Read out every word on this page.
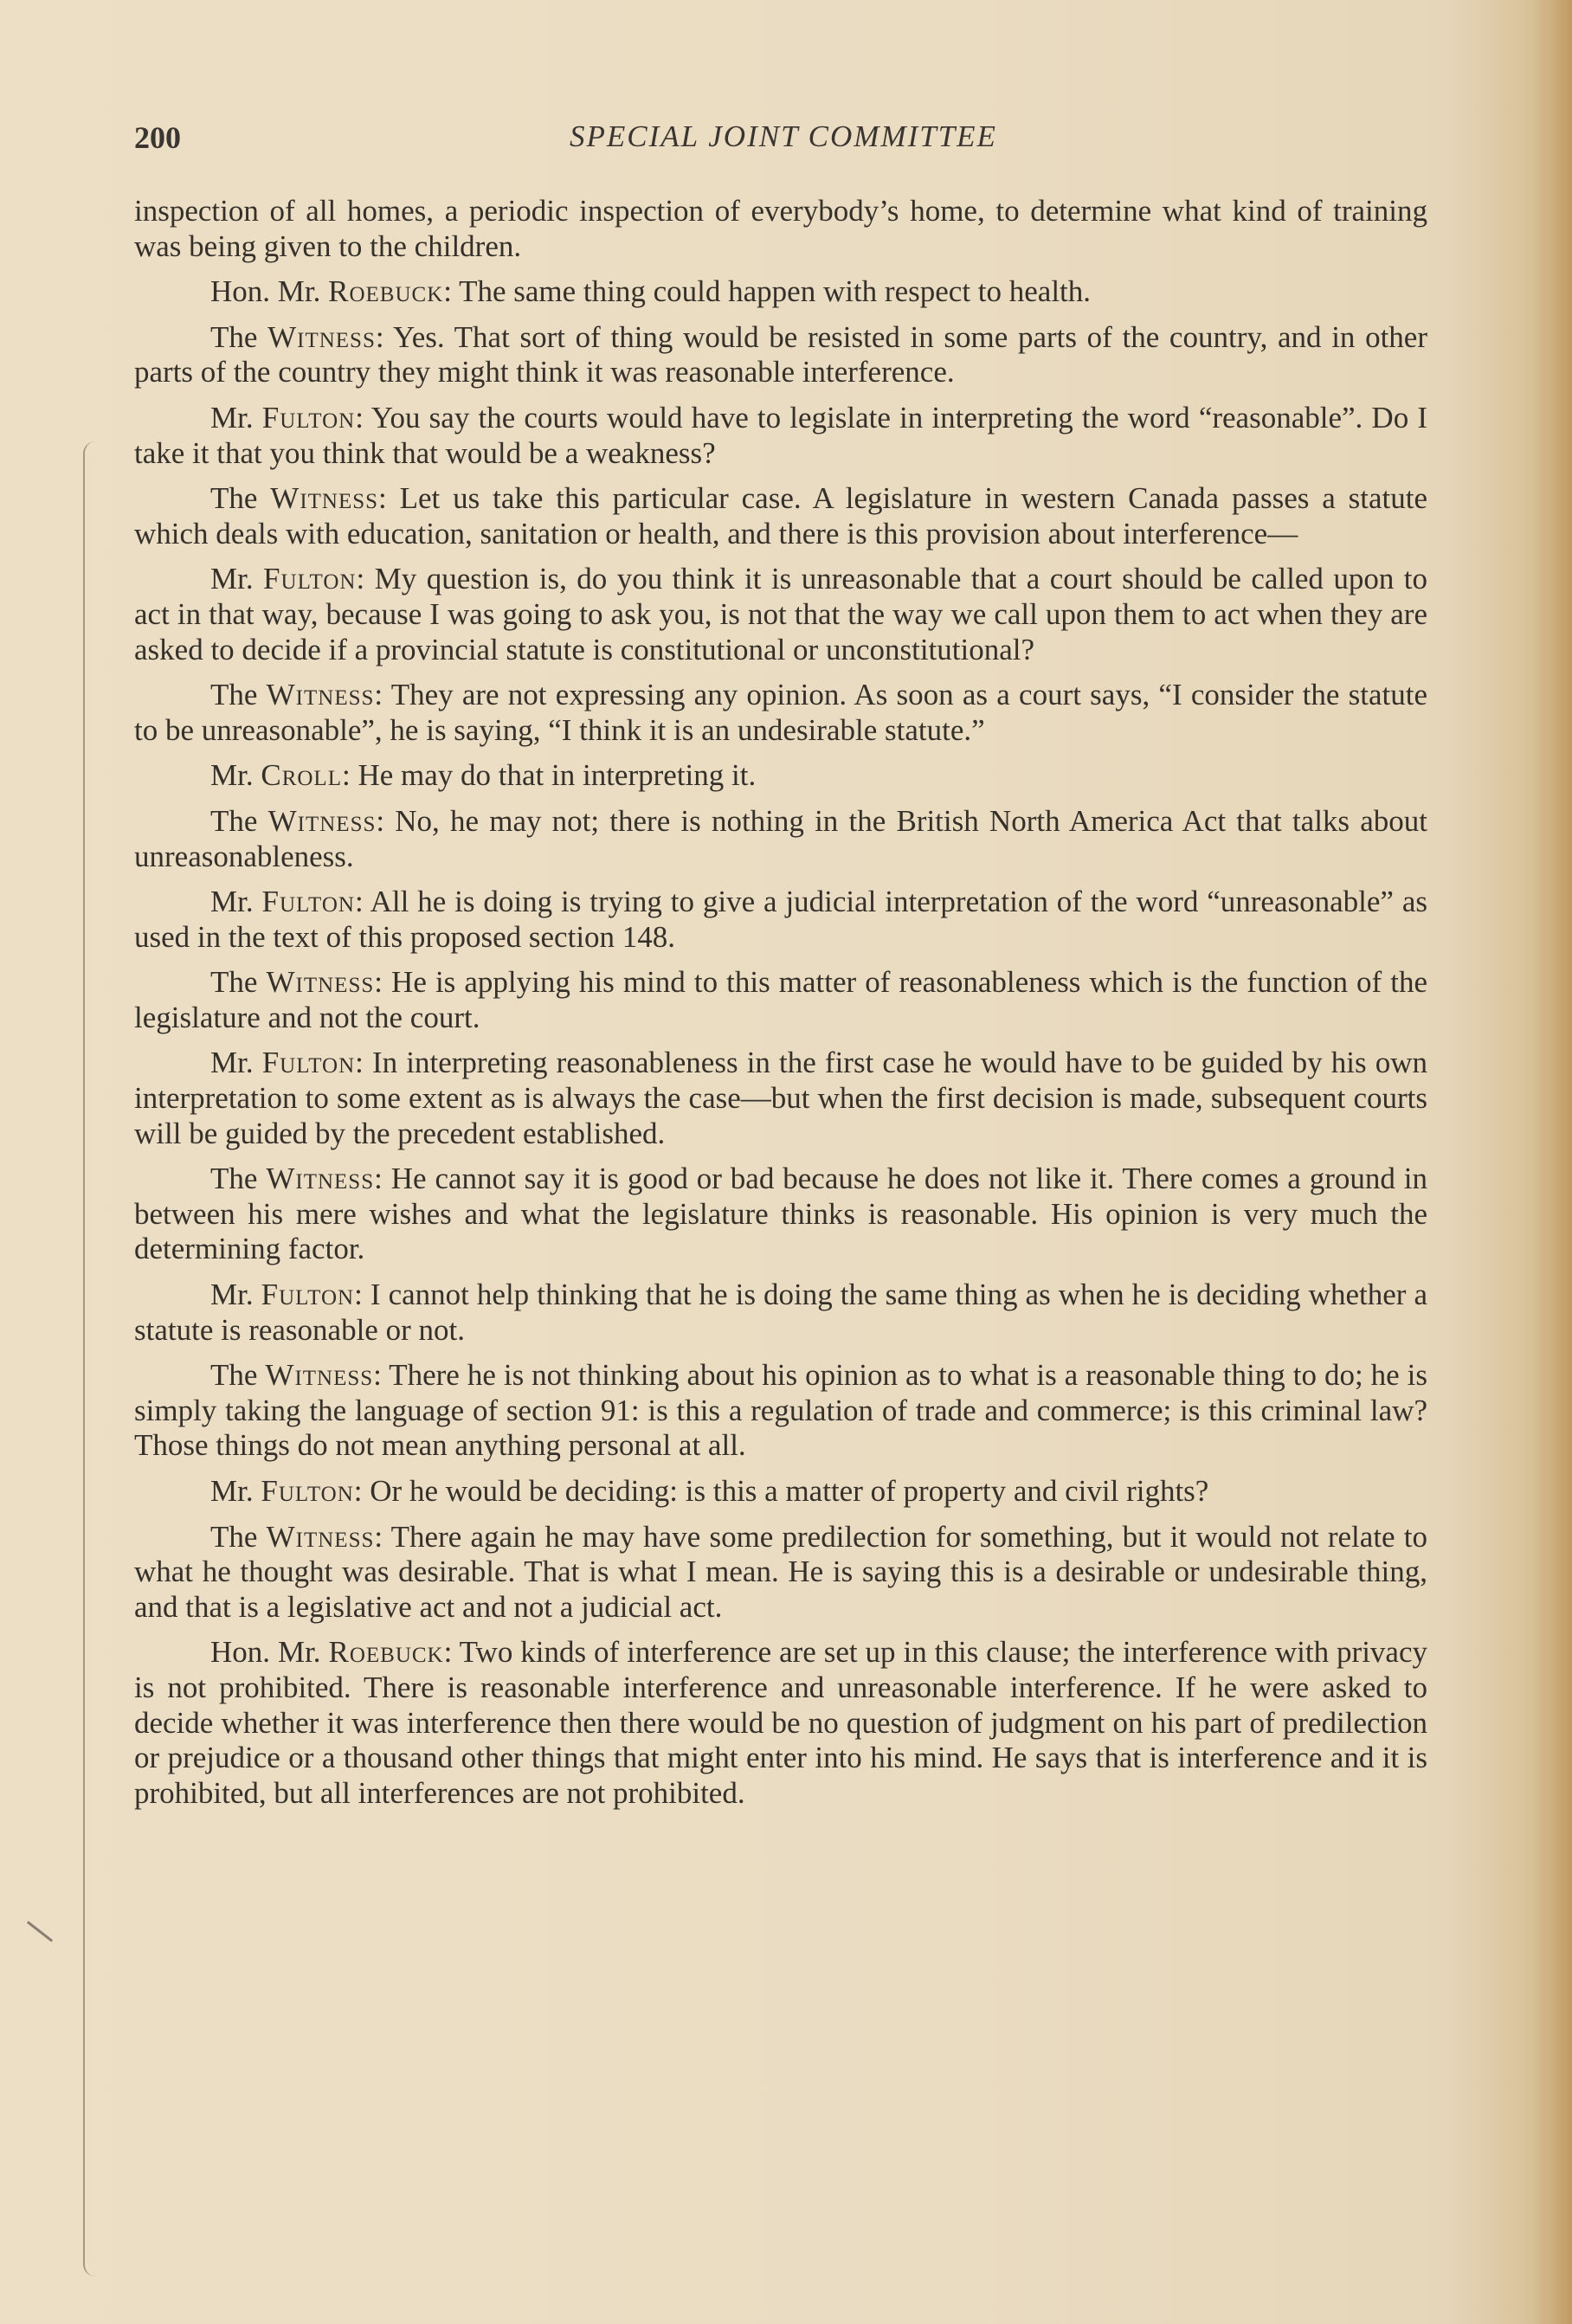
200	SPECIAL JOINT COMMITTEE

inspection of all homes, a periodic inspection of everybody’s home, to determine what kind of training was being given to the children.

Hon. Mr. Roebuck: The same thing could happen with respect to health.

The Witness: Yes. That sort of thing would be resisted in some parts of the country, and in other parts of the country they might think it was reasonable interference.

Mr. Fulton: You say the courts would have to legislate in interpreting the word “reasonable”. Do I take it that you think that would be a weakness?

The Witness: Let us take this particular case. A legislature in western Canada passes a statute which deals with education, sanitation or health, and there is this provision about interference—

Mr. Fulton: My question is, do you think it is unreasonable that a court should be called upon to act in that way, because I was going to ask you, is not that the way we call upon them to act when they are asked to decide if a provincial statute is constitutional or unconstitutional?

The Witness: They are not expressing any opinion. As soon as a court says, “I consider the statute to be unreasonable”, he is saying, “I think it is an undesirable statute.”

Mr. Croll: He may do that in interpreting it.

The Witness: No, he may not; there is nothing in the British North America Act that talks about unreasonableness.

Mr. Fulton: All he is doing is trying to give a judicial interpretation of the word “unreasonable” as used in the text of this proposed section 148.

The Witness: He is applying his mind to this matter of reasonableness which is the function of the legislature and not the court.

Mr. Fulton: In interpreting reasonableness in the first case he would have to be guided by his own interpretation to some extent as is always the case—but when the first decision is made, subsequent courts will be guided by the precedent established.

The Witness: He cannot say it is good or bad because he does not like it. There comes a ground in between his mere wishes and what the legislature thinks is reasonable. His opinion is very much the determining factor.

Mr. Fulton: I cannot help thinking that he is doing the same thing as when he is deciding whether a statute is reasonable or not.

The Witness: There he is not thinking about his opinion as to what is a reasonable thing to do; he is simply taking the language of section 91: is this a regulation of trade and commerce; is this criminal law? Those things do not mean anything personal at all.

Mr. Fulton: Or he would be deciding: is this a matter of property and civil rights?

The Witness: There again he may have some predilection for something, but it would not relate to what he thought was desirable. That is what I mean. He is saying this is a desirable or undesirable thing, and that is a legislative act and not a judicial act.

Hon. Mr. Roebuck: Two kinds of interference are set up in this clause; the interference with privacy is not prohibited. There is reasonable interference and unreasonable interference. If he were asked to decide whether it was interference then there would be no question of judgment on his part of predilection or prejudice or a thousand other things that might enter into his mind. He says that is interference and it is prohibited, but all interferences are not prohibited.
